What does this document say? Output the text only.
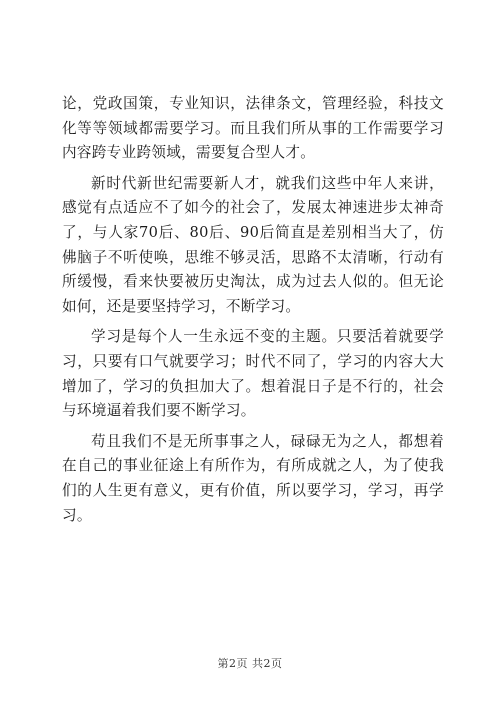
论，党政国策，专业知识，法律条文，管理经验，科技文化等等领域都需要学习。而且我们所从事的工作需要学习内容跨专业跨领域，需要复合型人才。

新时代新世纪需要新人才，就我们这些中年人来讲，感觉有点适应不了如今的社会了，发展太神速进步太神奇了，与人家70后、80后、90后简直是差别相当大了，仿佛脑子不听使唤，思维不够灵活，思路不太清晰，行动有所缓慢，看来快要被历史淘汰，成为过去人似的。但无论如何，还是要坚持学习，不断学习。

学习是每个人一生永远不变的主题。只要活着就要学习，只要有口气就要学习；时代不同了，学习的内容大大增加了，学习的负担加大了。想着混日子是不行的，社会与环境逼着我们要不断学习。

苟且我们不是无所事事之人，碌碌无为之人，都想着在自己的事业征途上有所作为，有所成就之人，为了使我们的人生更有意义，更有价值，所以要学习，学习，再学习。

第2页 共2页
